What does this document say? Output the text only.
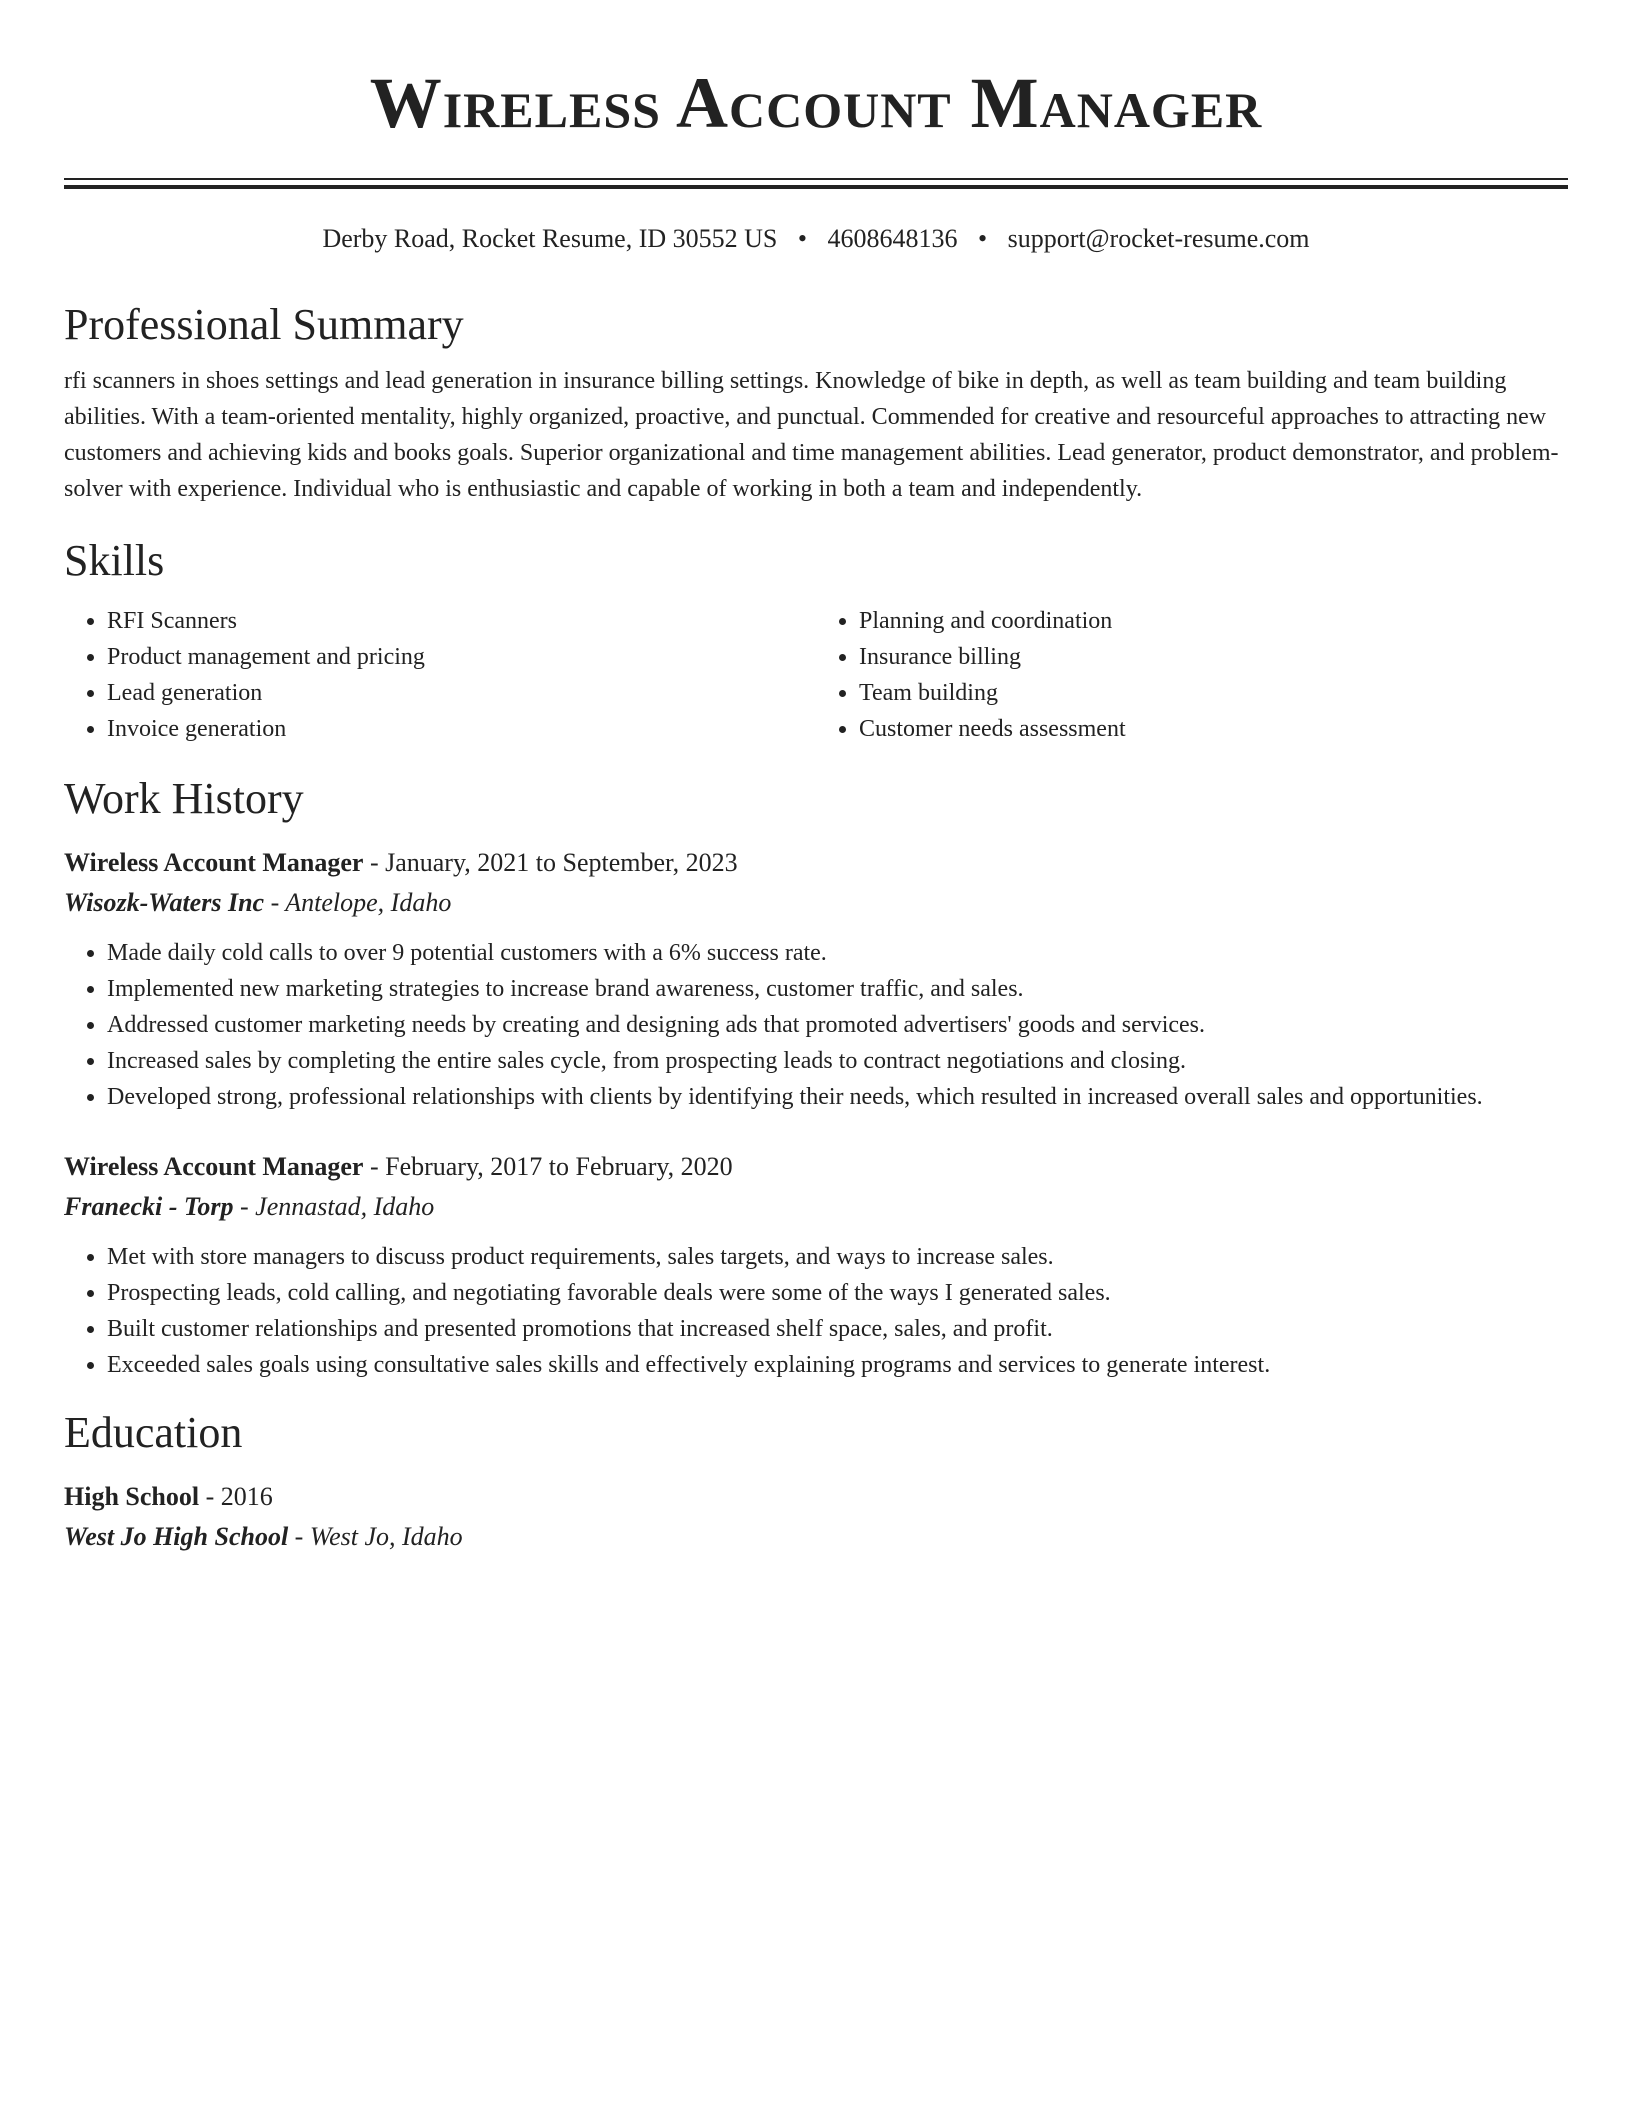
Wireless Account Manager
Derby Road, Rocket Resume, ID 30552 US • 4608648136 • support@rocket-resume.com
Professional Summary

rfi scanners in shoes settings and lead generation in insurance billing settings. Knowledge of bike in depth, as well as team building and team building abilities. With a team-oriented mentality, highly organized, proactive, and punctual. Commended for creative and resourceful approaches to attracting new customers and achieving kids and books goals. Superior organizational and time management abilities. Lead generator, product demonstrator, and problem-solver with experience. Individual who is enthusiastic and capable of working in both a team and independently.

Skills
• RFI Scanners
• Product management and pricing
• Lead generation
• Invoice generation
• Planning and coordination
• Insurance billing
• Team building
• Customer needs assessment
Work History
Wireless Account Manager - January, 2021 to September, 2023
Wisozk-Waters Inc - Antelope, Idaho
• Made daily cold calls to over 9 potential customers with a 6% success rate.
• Implemented new marketing strategies to increase brand awareness, customer traffic, and sales.
• Addressed customer marketing needs by creating and designing ads that promoted advertisers' goods and services.
• Increased sales by completing the entire sales cycle, from prospecting leads to contract negotiations and closing.
• Developed strong, professional relationships with clients by identifying their needs, which resulted in increased overall sales and opportunities.
Wireless Account Manager - February, 2017 to February, 2020
Franecki - Torp - Jennastad, Idaho
• Met with store managers to discuss product requirements, sales targets, and ways to increase sales.
• Prospecting leads, cold calling, and negotiating favorable deals were some of the ways I generated sales.
• Built customer relationships and presented promotions that increased shelf space, sales, and profit.
• Exceeded sales goals using consultative sales skills and effectively explaining programs and services to generate interest.
Education
High School - 2016
West Jo High School - West Jo, Idaho
